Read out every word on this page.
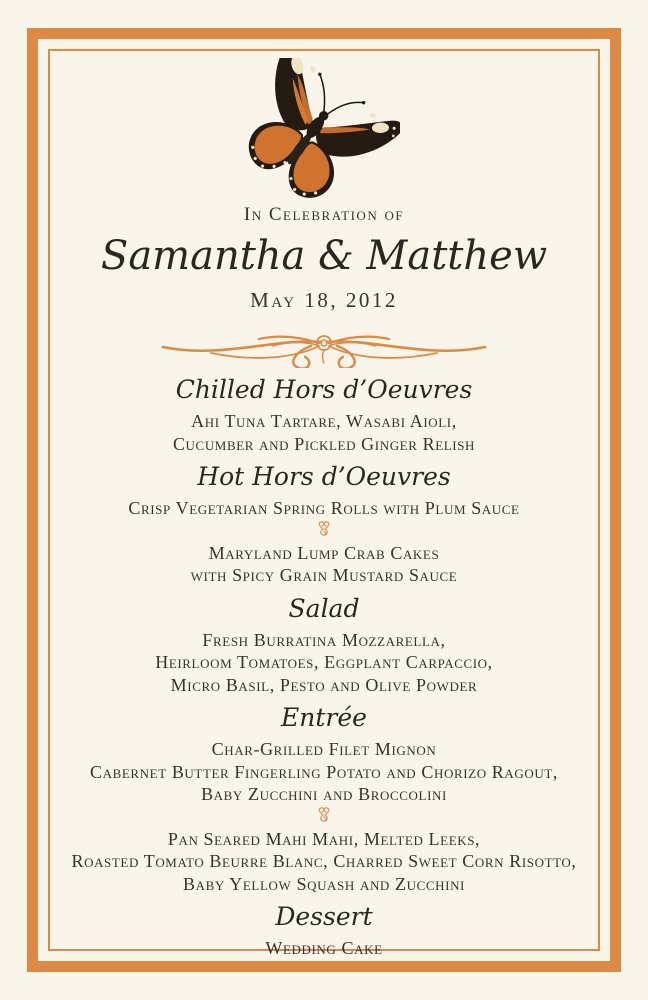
In Celebration of
Samantha & Matthew
May 18, 2012
Chilled Hors d’Oeuvres
Ahi Tuna Tartare, Wasabi Aioli,
Cucumber and Pickled Ginger Relish
Hot Hors d’Oeuvres
Crisp Vegetarian Spring Rolls with Plum Sauce
Maryland Lump Crab Cakes
with Spicy Grain Mustard Sauce
Salad
Fresh Burratina Mozzarella,
Heirloom Tomatoes, Eggplant Carpaccio,
Micro Basil, Pesto and Olive Powder
Entrée
Char-Grilled Filet Mignon
Cabernet Butter Fingerling Potato and Chorizo Ragout,
Baby Zucchini and Broccolini
Pan Seared Mahi Mahi, Melted Leeks,
Roasted Tomato Beurre Blanc, Charred Sweet Corn Risotto,
Baby Yellow Squash and Zucchini
Dessert
Wedding Cake
